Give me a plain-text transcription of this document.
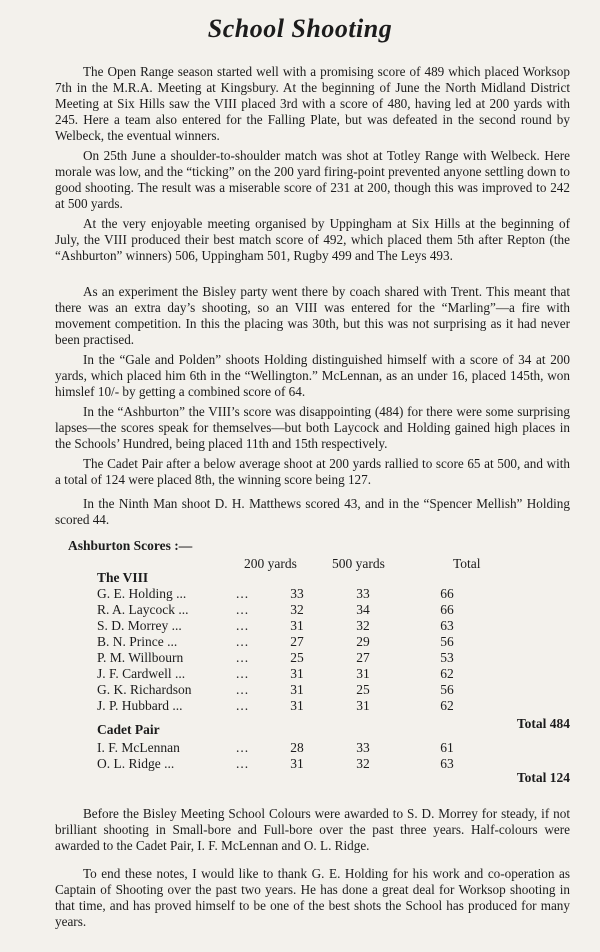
School Shooting

The Open Range season started well with a promising score of 489 which placed Worksop 7th in the M.R.A. Meeting at Kingsbury. At the beginning of June the North Midland District Meeting at Six Hills saw the VIII placed 3rd with a score of 480, having led at 200 yards with 245. Here a team also entered for the Falling Plate, but was defeated in the second round by Welbeck, the eventual winners.

On 25th June a shoulder-to-shoulder match was shot at Totley Range with Welbeck. Here morale was low, and the “ticking” on the 200 yard firing-point prevented anyone settling down to good shooting. The result was a miserable score of 231 at 200, though this was improved to 242 at 500 yards.

At the very enjoyable meeting organised by Uppingham at Six Hills at the beginning of July, the VIII produced their best match score of 492, which placed them 5th after Repton (the “Ashburton” winners) 506, Uppingham 501, Rugby 499 and The Leys 493.

As an experiment the Bisley party went there by coach shared with Trent. This meant that there was an extra day’s shooting, so an VIII was entered for the “Marling”—a fire with movement competition. In this the placing was 30th, but this was not surprising as it had never been practised.

In the “Gale and Polden” shoots Holding distinguished himself with a score of 34 at 200 yards, which placed him 6th in the “Wellington.” McLennan, as an under 16, placed 145th, won himslef 10/- by getting a combined score of 64.

In the “Ashburton” the VIII’s score was disappointing (484) for there were some surprising lapses—the scores speak for themselves—but both Laycock and Holding gained high places in the Schools’ Hundred, being placed 11th and 15th respectively.

The Cadet Pair after a below average shoot at 200 yards rallied to score 65 at 500, and with a total of 124 were placed 8th, the winning score being 127.

In the Ninth Man shoot D. H. Matthews scored 43, and in the “Spencer Mellish” Holding scored 44.

Ashburton Scores :—
200 yards	500 yards	Total
The VIII
G. E. Holding ...	...	33	33	66
R. A. Laycock ...	...	32	34	66
S. D. Morrey ...	...	31	32	63
B. N. Prince ...	...	27	29	56
P. M. Willbourn	...	25	27	53
J. F. Cardwell ...	...	31	31	62
G. K. Richardson	...	31	25	56
J. P. Hubbard ...	...	31	31	62
Total 484
Cadet Pair
I. F. McLennan	...	28	33	61
O. L. Ridge ...	...	31	32	63
Total 124

Before the Bisley Meeting School Colours were awarded to S. D. Morrey for steady, if not brilliant shooting in Small-bore and Full-bore over the past three years. Half-colours were awarded to the Cadet Pair, I. F. McLennan and O. L. Ridge.

To end these notes, I would like to thank G. E. Holding for his work and co-operation as Captain of Shooting over the past two years. He has done a great deal for Worksop shooting in that time, and has proved himself to be one of the best shots the School has produced for many years.
